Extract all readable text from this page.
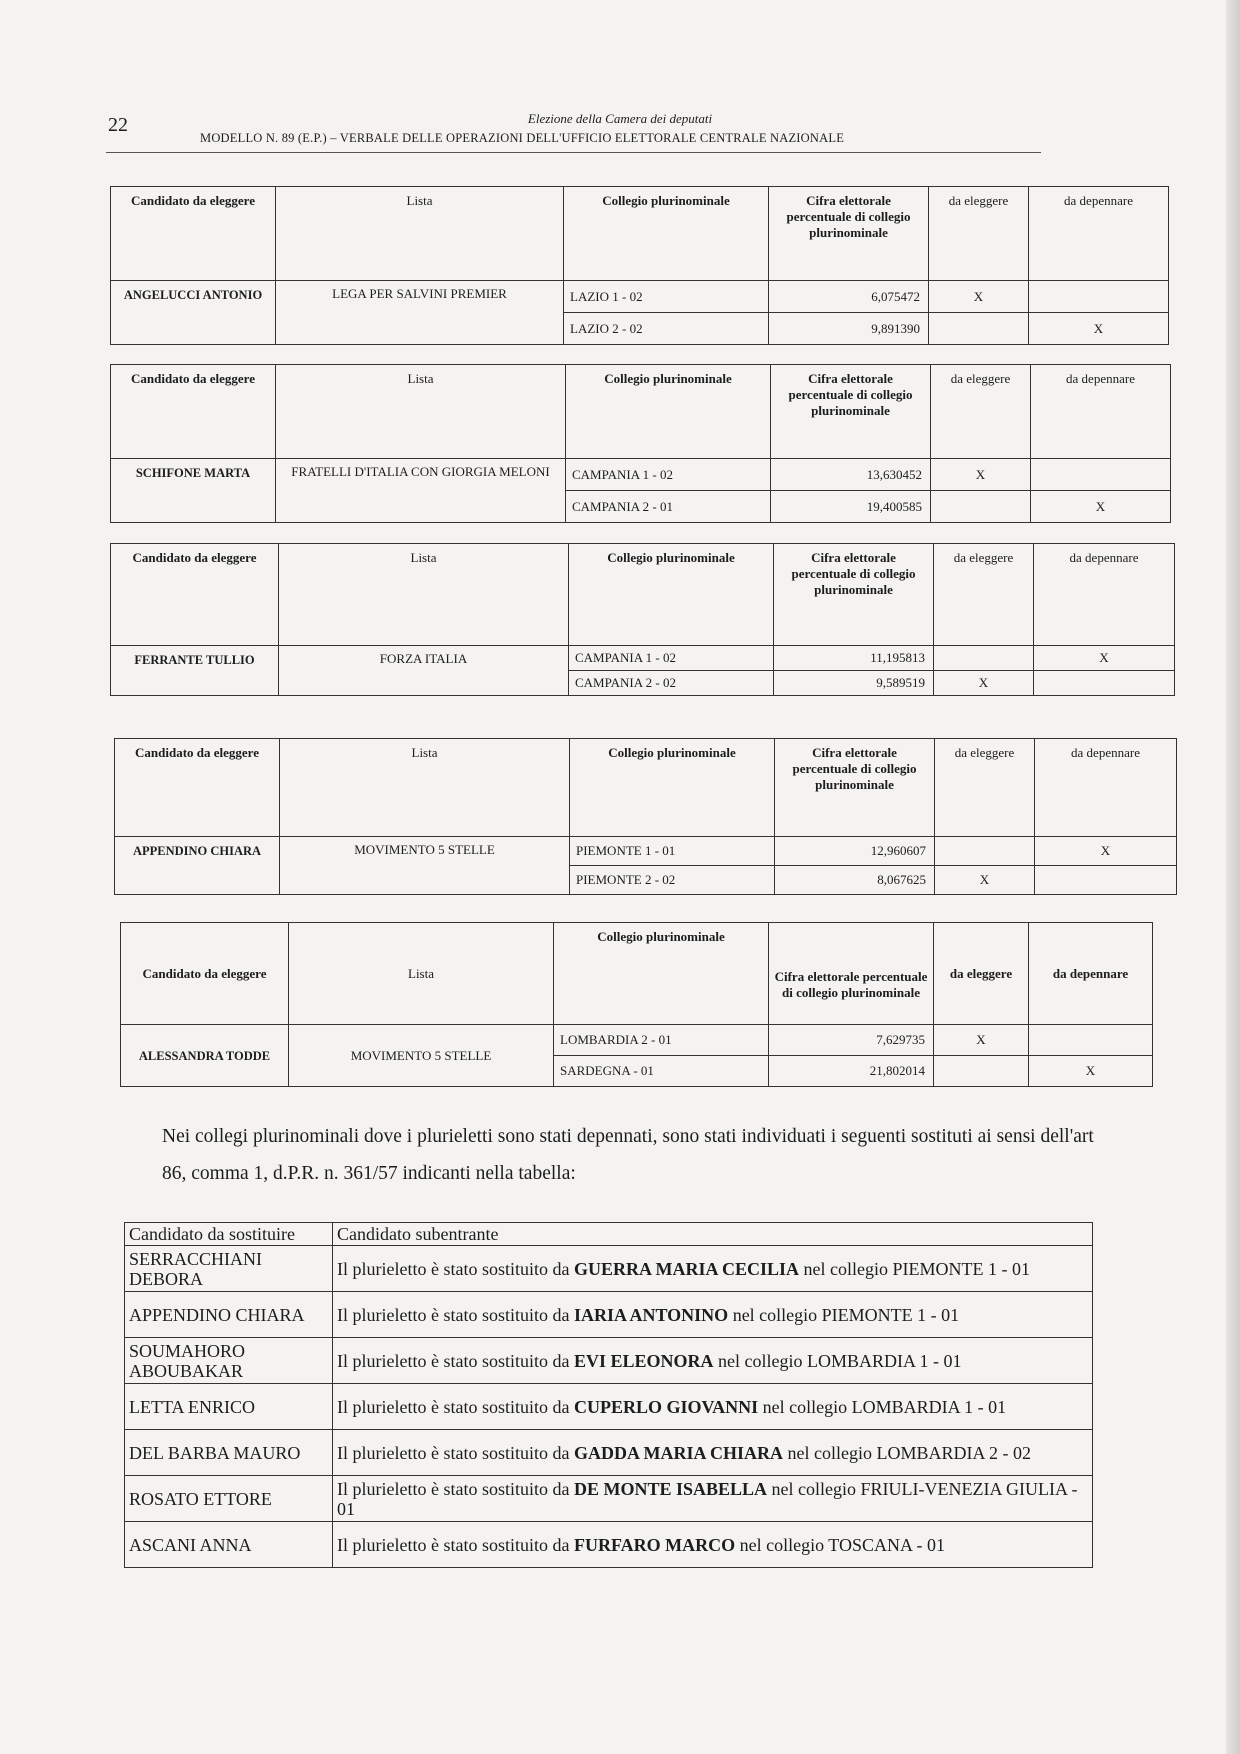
22	Elezione della Camera dei deputati
MODELLO N. 89 (E.P.) – VERBALE DELLE OPERAZIONI DELL'UFFICIO ELETTORALE CENTRALE NAZIONALE
Candidato da eleggere	Lista	Collegio plurinominale	Cifra elettorale percentuale di collegio plurinominale	da eleggere	da depennare
ANGELUCCI ANTONIO	LEGA PER SALVINI PREMIER	LAZIO 1 - 02	6,075472	X	
		LAZIO 2 - 02	9,891390		X
Candidato da eleggere	Lista	Collegio plurinominale	Cifra elettorale percentuale di collegio plurinominale	da eleggere	da depennare
SCHIFONE MARTA	FRATELLI D'ITALIA CON GIORGIA MELONI	CAMPANIA 1 - 02	13,630452	X	
		CAMPANIA 2 - 01	19,400585		X
Candidato da eleggere	Lista	Collegio plurinominale	Cifra elettorale percentuale di collegio plurinominale	da eleggere	da depennare
FERRANTE TULLIO	FORZA ITALIA	CAMPANIA 1 - 02	11,195813		X
		CAMPANIA 2 - 02	9,589519	X	
Candidato da eleggere	Lista	Collegio plurinominale	Cifra elettorale percentuale di collegio plurinominale	da eleggere	da depennare
APPENDINO CHIARA	MOVIMENTO 5 STELLE	PIEMONTE 1 - 01	12,960607		X
		PIEMONTE 2 - 02	8,067625	X	
Candidato da eleggere	Lista	Collegio plurinominale	Cifra elettorale percentuale di collegio plurinominale	da eleggere	da depennare
ALESSANDRA TODDE	MOVIMENTO 5 STELLE	LOMBARDIA 2 - 01	7,629735	X	
		SARDEGNA - 01	21,802014		X
Nei collegi plurinominali dove i plurieletti sono stati depennati, sono stati individuati i seguenti sostituti ai sensi dell'art 86, comma 1, d.P.R. n. 361/57 indicanti nella tabella:
Candidato da sostituire	Candidato subentrante
SERRACCHIANI DEBORA	Il plurieletto è stato sostituito da GUERRA MARIA CECILIA nel collegio PIEMONTE 1 - 01
APPENDINO CHIARA	Il plurieletto è stato sostituito da IARIA ANTONINO nel collegio PIEMONTE 1 - 01
SOUMAHORO ABOUBAKAR	Il plurieletto è stato sostituito da EVI ELEONORA nel collegio LOMBARDIA 1 - 01
LETTA ENRICO	Il plurieletto è stato sostituito da CUPERLO GIOVANNI nel collegio LOMBARDIA 1 - 01
DEL BARBA MAURO	Il plurieletto è stato sostituito da GADDA MARIA CHIARA nel collegio LOMBARDIA 2 - 02
ROSATO ETTORE	Il plurieletto è stato sostituito da DE MONTE ISABELLA nel collegio FRIULI-VENEZIA GIULIA - 01
ASCANI ANNA	Il plurieletto è stato sostituito da FURFARO MARCO nel collegio TOSCANA - 01
